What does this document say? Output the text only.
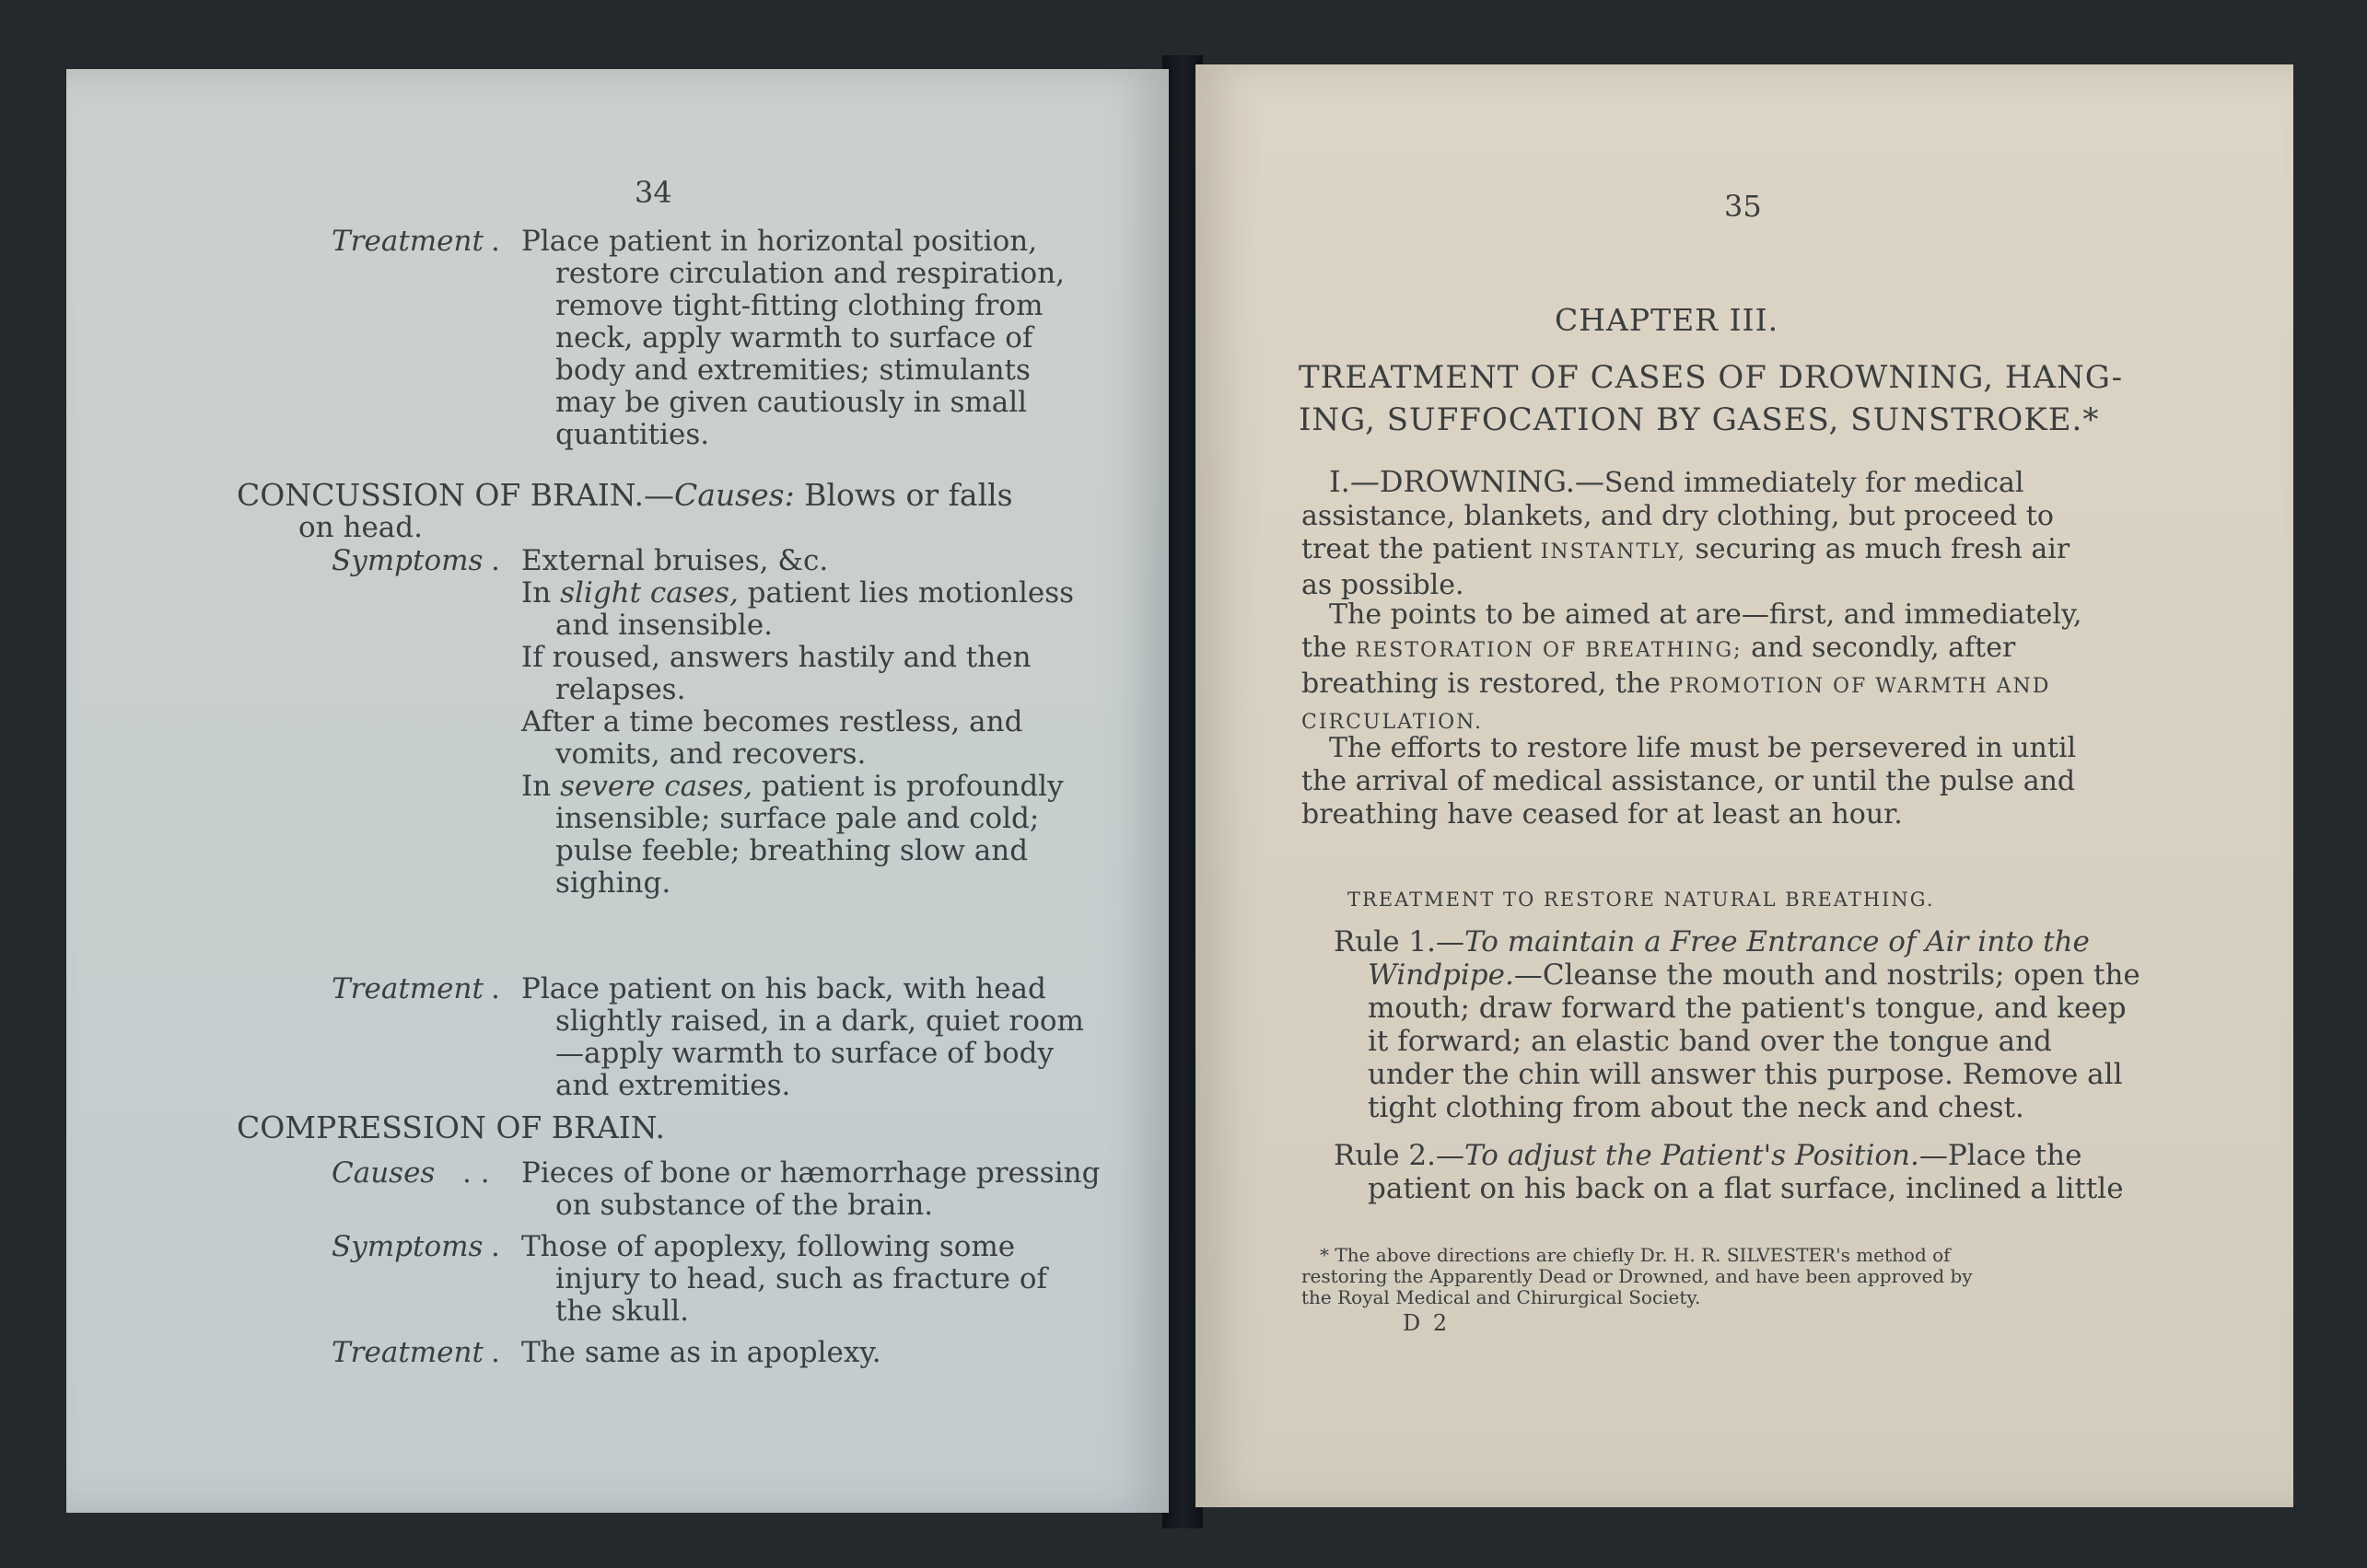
34
Treatment . Place patient in horizontal position,
restore circulation and respiration,
remove tight-fitting clothing from
neck, apply warmth to surface of
body and extremities; stimulants
may be given cautiously in small
quantities.
CONCUSSION OF BRAIN.—Causes: Blows or falls
on head.
Symptoms . External bruises, &c.
In slight cases, patient lies motionless
and insensible.
If roused, answers hastily and then
relapses.
After a time becomes restless, and
vomits, and recovers.
In severe cases, patient is profoundly
insensible; surface pale and cold;
pulse feeble; breathing slow and
sighing.
Treatment . Place patient on his back, with head
slightly raised, in a dark, quiet room
—apply warmth to surface of body
and extremities.
COMPRESSION OF BRAIN.
Causes . . Pieces of bone or hæmorrhage pressing
on substance of the brain.
Symptoms . Those of apoplexy, following some
injury to head, such as fracture of
the skull.
Treatment . The same as in apoplexy.
35
CHAPTER III.
TREATMENT OF CASES OF DROWNING, HANG-
ING, SUFFOCATION BY GASES, SUNSTROKE.*
I.—DROWNING.—Send immediately for medical
assistance, blankets, and dry clothing, but proceed to
treat the patient INSTANTLY, securing as much fresh air
as possible.
The points to be aimed at are—first, and immediately,
the RESTORATION OF BREATHING; and secondly, after
breathing is restored, the PROMOTION OF WARMTH AND
CIRCULATION.
The efforts to restore life must be persevered in until
the arrival of medical assistance, or until the pulse and
breathing have ceased for at least an hour.
TREATMENT TO RESTORE NATURAL BREATHING.
Rule 1.—To maintain a Free Entrance of Air into the
Windpipe.—Cleanse the mouth and nostrils; open the
mouth; draw forward the patient's tongue, and keep
it forward; an elastic band over the tongue and
under the chin will answer this purpose. Remove all
tight clothing from about the neck and chest.
Rule 2.—To adjust the Patient's Position.—Place the
patient on his back on a flat surface, inclined a little
* The above directions are chiefly Dr. H. R. SILVESTER's method of
restoring the Apparently Dead or Drowned, and have been approved by
the Royal Medical and Chirurgical Society.
D 2
